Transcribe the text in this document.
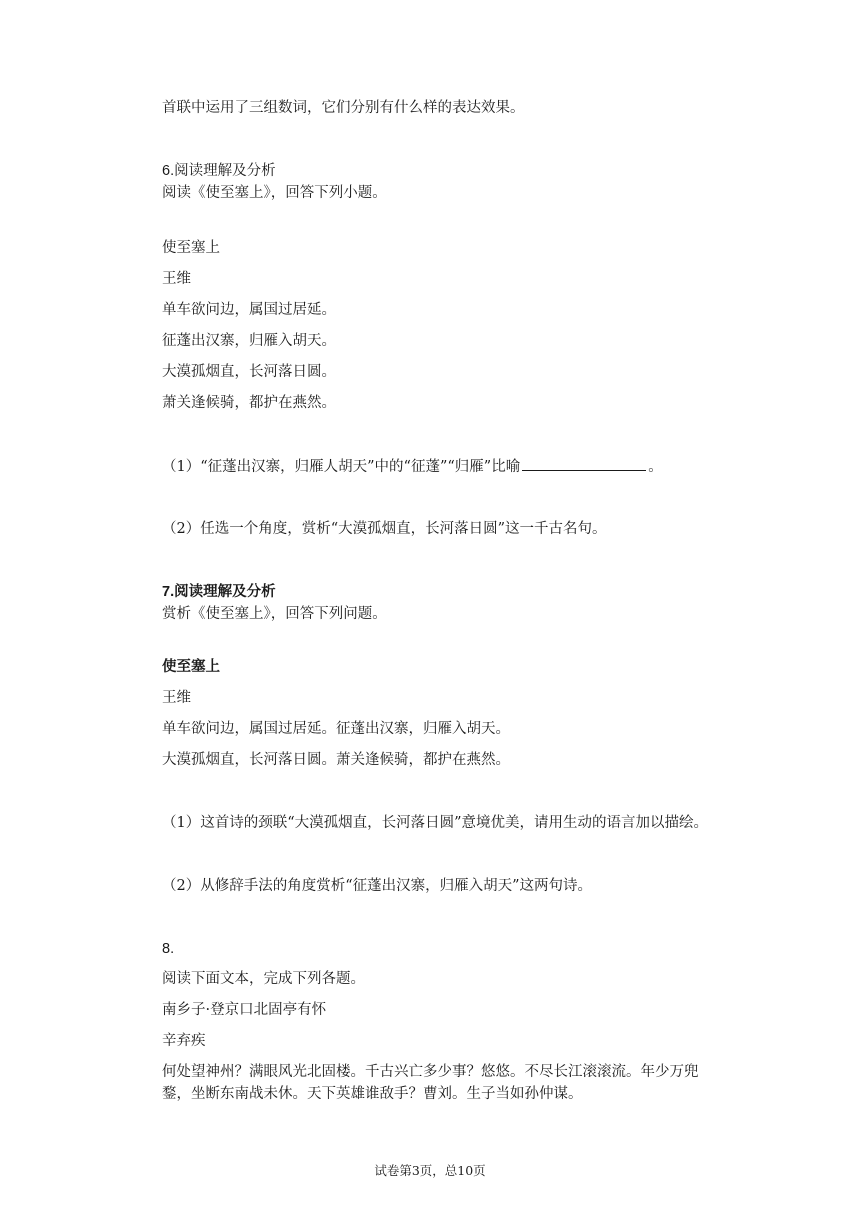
首联中运用了三组数词，它们分别有什么样的表达效果。
6.阅读理解及分析
阅读《使至塞上》，回答下列小题。
使至塞上
王维
单车欲问边，属国过居延。
征蓬出汉寨，归雁入胡天。
大漠孤烟直，长河落日圆。
萧关逢候骑，都护在燕然。
（1）“征蓬出汉寨，归雁人胡天”中的“征蓬”“归雁”比喻	。
（2）任选一个角度，赏析“大漠孤烟直，长河落日圆”这一千古名句。
7.阅读理解及分析
赏析《使至塞上》，回答下列问题。
使至塞上
王维
单车欲问边，属国过居延。征蓬出汉寨，归雁入胡天。
大漠孤烟直，长河落日圆。萧关逢候骑，都护在燕然。
（1）这首诗的颈联“大漠孤烟直，长河落日圆”意境优美，请用生动的语言加以描绘。
（2）从修辞手法的角度赏析“征蓬出汉寨，归雁入胡天”这两句诗。
8.
阅读下面文本，完成下列各题。
南乡子·登京口北固亭有怀
辛弃疾
何处望神州？满眼风光北固楼。千古兴亡多少事？悠悠。不尽长江滚滚流。年少万兜
鍪，坐断东南战未休。天下英雄谁敌手？曹刘。生子当如孙仲谋。
试卷第3页，总10页
